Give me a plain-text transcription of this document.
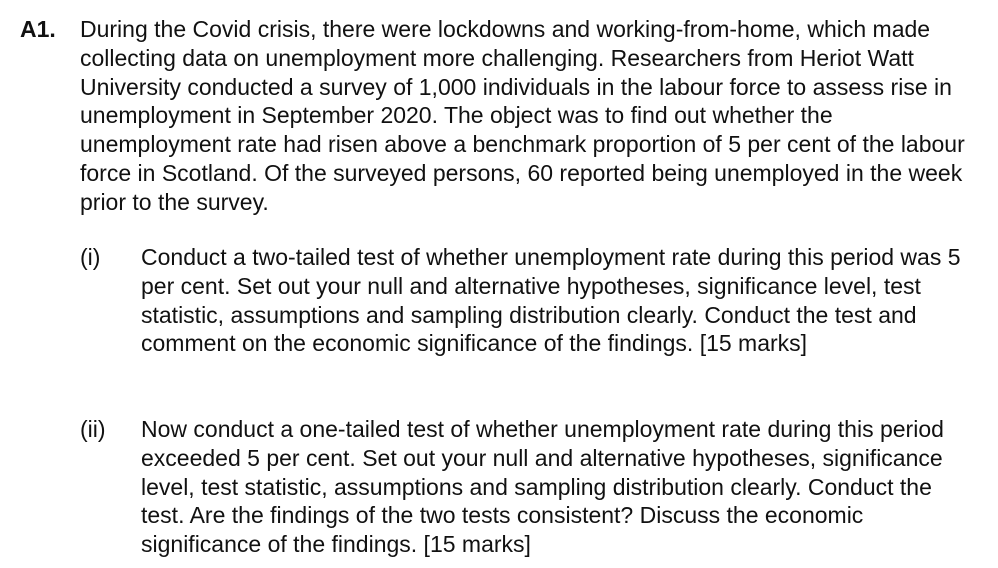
A1.	During the Covid crisis, there were lockdowns and working-from-home, which made collecting data on unemployment more challenging. Researchers from Heriot Watt University conducted a survey of 1,000 individuals in the labour force to assess rise in unemployment in September 2020. The object was to find out whether the unemployment rate had risen above a benchmark proportion of 5 per cent of the labour force in Scotland. Of the surveyed persons, 60 reported being unemployed in the week prior to the survey.
(i)	Conduct a two-tailed test of whether unemployment rate during this period was 5 per cent. Set out your null and alternative hypotheses, significance level, test statistic, assumptions and sampling distribution clearly. Conduct the test and comment on the economic significance of the findings. [15 marks]
(ii)	Now conduct a one-tailed test of whether unemployment rate during this period exceeded 5 per cent. Set out your null and alternative hypotheses, significance level, test statistic, assumptions and sampling distribution clearly. Conduct the test. Are the findings of the two tests consistent? Discuss the economic significance of the findings. [15 marks]
